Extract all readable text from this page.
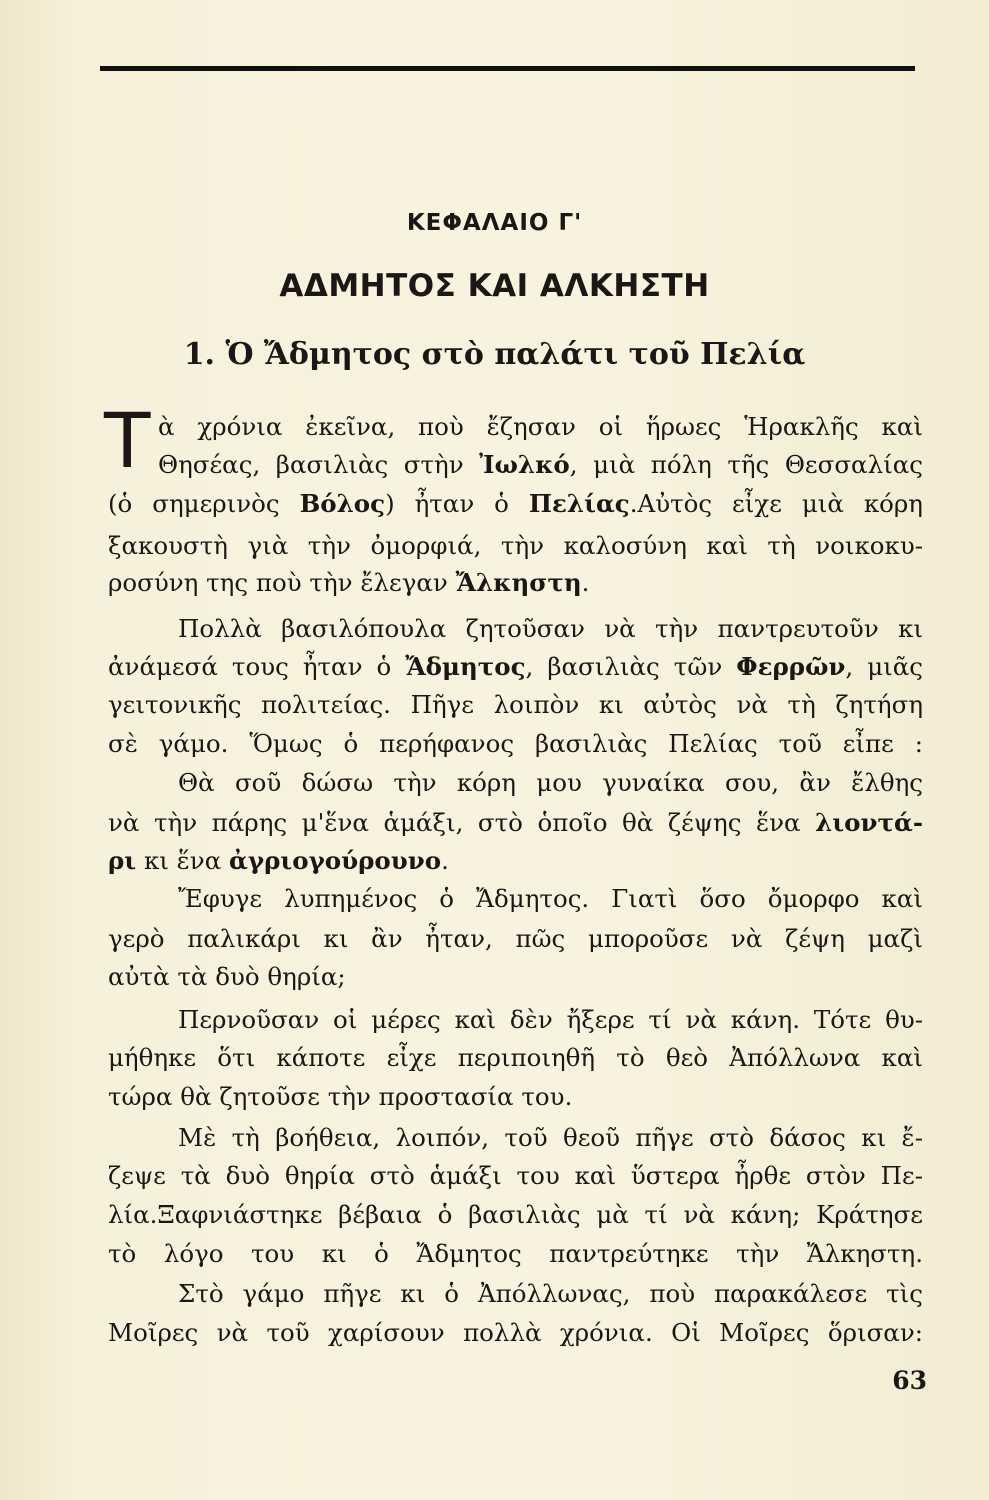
ΚΕΦΑΛΑΙΟ Γ'
ΑΔΜΗΤΟΣ ΚΑΙ ΑΛΚΗΣΤΗ
1. Ὁ Ἄδμητος στὸ παλάτι τοῦ Πελία
Τ ὰ χρόνια ἐκεῖνα, ποὺ ἔζησαν οἱ ἥρωες Ἡρακλῆς καὶ
Θησέας, βασιλιὰς στὴν Ἰωλκό, μιὰ πόλη τῆς Θεσσαλίας
(ὁ σημερινὸς Βόλος) ἦταν ὁ Πελίας.Αὐτὸς εἶχε μιὰ κόρη
ξακουστὴ γιὰ τὴν ὀμορφιά, τὴν καλοσύνη καὶ τὴ νοικοκυ-
ροσύνη της ποὺ τὴν ἔλεγαν Ἄλκηστη.
Πολλὰ βασιλόπουλα ζητοῦσαν νὰ τὴν παντρευτοῦν κι
ἀνάμεσά τους ἦταν ὁ Ἄδμητος, βασιλιὰς τῶν Φερρῶν, μιᾶς
γειτονικῆς πολιτείας. Πῆγε λοιπὸν κι αὐτὸς νὰ τὴ ζητήση
σὲ γάμο. Ὅμως ὁ περήφανος βασιλιὰς Πελίας τοῦ εἶπε :
Θὰ σοῦ δώσω τὴν κόρη μου γυναίκα σου, ἂν ἔλθης
νὰ τὴν πάρης μ'ἕνα ἁμάξι, στὸ ὁποῖο θὰ ζέψης ἕνα λιοντά-
ρι κι ἕνα ἀγριογούρουνο.
Ἔφυγε λυπημένος ὁ Ἄδμητος. Γιατὶ ὅσο ὄμορφο καὶ
γερὸ παλικάρι κι ἂν ἦταν, πῶς μποροῦσε νὰ ζέψη μαζὶ
αὐτὰ τὰ δυὸ θηρία;
Περνοῦσαν οἱ μέρες καὶ δὲν ἤξερε τί νὰ κάνη. Τότε θυ-
μήθηκε ὅτι κάποτε εἶχε περιποιηθῆ τὸ θεὸ Ἀπόλλωνα καὶ
τώρα θὰ ζητοῦσε τὴν προστασία του.
Μὲ τὴ βοήθεια, λοιπόν, τοῦ θεοῦ πῆγε στὸ δάσος κι ἔ-
ζεψε τὰ δυὸ θηρία στὸ ἁμάξι του καὶ ὕστερα ἦρθε στὸν Πε-
λία.Ξαφνιάστηκε βέβαια ὁ βασιλιὰς μὰ τί νὰ κάνη; Κράτησε
τὸ λόγο του κι ὁ Ἄδμητος παντρεύτηκε τὴν Ἄλκηστη.
Στὸ γάμο πῆγε κι ὁ Ἀπόλλωνας, ποὺ παρακάλεσε τὶς
Μοῖρες νὰ τοῦ χαρίσουν πολλὰ χρόνια. Οἱ Μοῖρες ὅρισαν:
63
